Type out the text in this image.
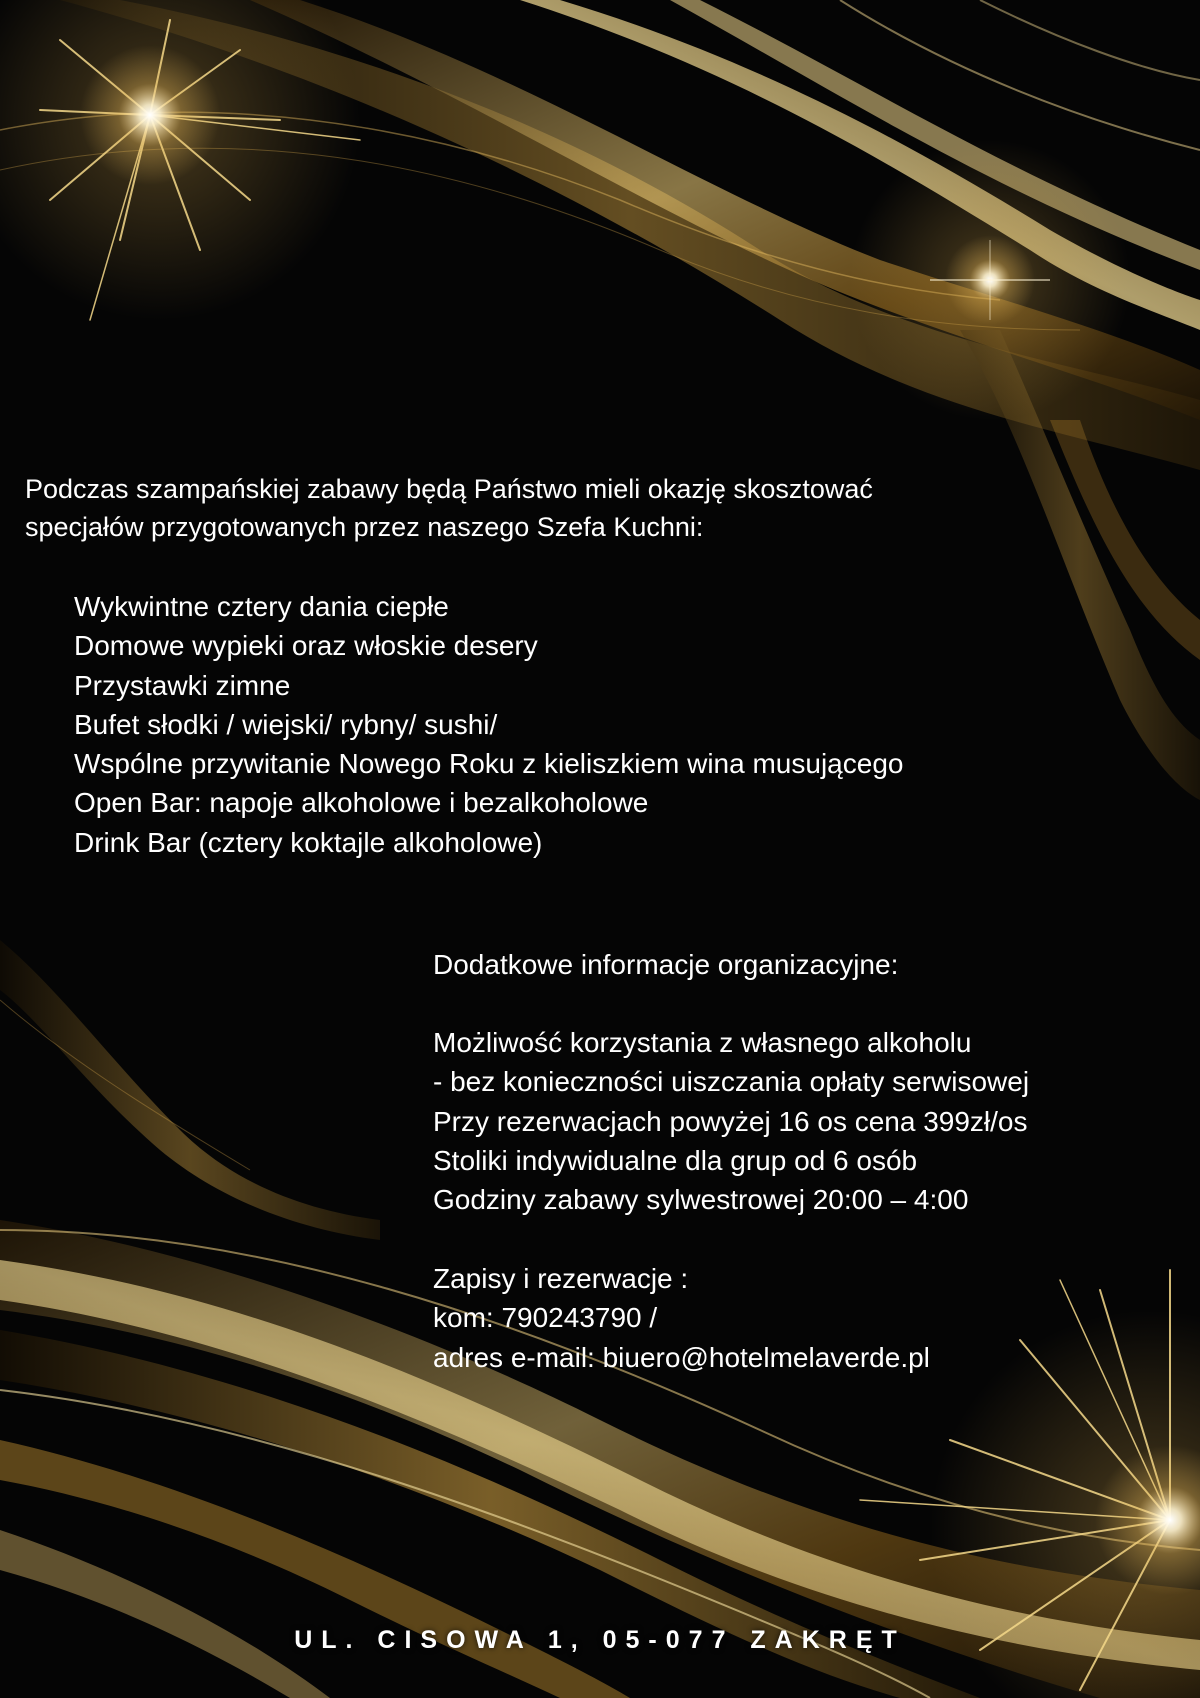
Podczas szampańskiej zabawy będą Państwo mieli okazję skosztować

specjałów przygotowanych przez naszego Szefa Kuchni:

Wykwintne cztery dania ciepłe
Domowe wypieki oraz włoskie desery
Przystawki zimne
Bufet słodki / wiejski/ rybny/ sushi/
Wspólne przywitanie Nowego Roku z kieliszkiem wina musującego
Open Bar: napoje alkoholowe i bezalkoholowe
Drink Bar (cztery koktajle alkoholowe)

Dodatkowe informacje organizacyjne:

Możliwość korzystania z własnego alkoholu
- bez konieczności uiszczania opłaty serwisowej
Przy rezerwacjach powyżej 16 os cena 399zł/os
Stoliki indywidualne dla grup od 6 osób
Godziny zabawy sylwestrowej 20:00 – 4:00

Zapisy i rezerwacje :

kom: 790243790 /

adres e-mail: biuero@hotelmelaverde.pl

UL. CISOWA 1, 05-077 ZAKRĘT
